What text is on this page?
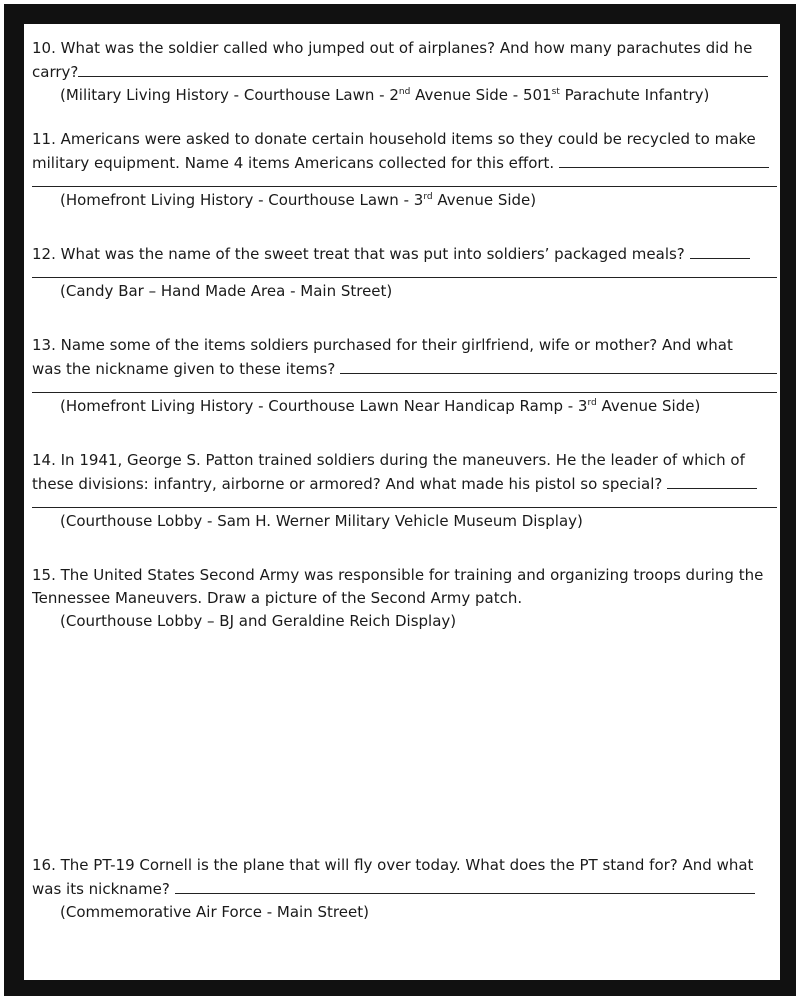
10. What was the soldier called who jumped out of airplanes? And how many parachutes did he
carry?
(Military Living History - Courthouse Lawn - 2nd Avenue Side - 501st Parachute Infantry)
11. Americans were asked to donate certain household items so they could be recycled to make
military equipment. Name 4 items Americans collected for this effort.
(Homefront Living History - Courthouse Lawn - 3rd Avenue Side)
12. What was the name of the sweet treat that was put into soldiers’ packaged meals?
(Candy Bar – Hand Made Area - Main Street)
13. Name some of the items soldiers purchased for their girlfriend, wife or mother? And what
was the nickname given to these items?
(Homefront Living History - Courthouse Lawn Near Handicap Ramp - 3rd Avenue Side)
14. In 1941, George S. Patton trained soldiers during the maneuvers. He the leader of which of
these divisions: infantry, airborne or armored? And what made his pistol so special?
(Courthouse Lobby - Sam H. Werner Military Vehicle Museum Display)
15. The United States Second Army was responsible for training and organizing troops during the
Tennessee Maneuvers. Draw a picture of the Second Army patch.
(Courthouse Lobby – BJ and Geraldine Reich Display)
16. The PT-19 Cornell is the plane that will fly over today. What does the PT stand for? And what
was its nickname?
(Commemorative Air Force - Main Street)
